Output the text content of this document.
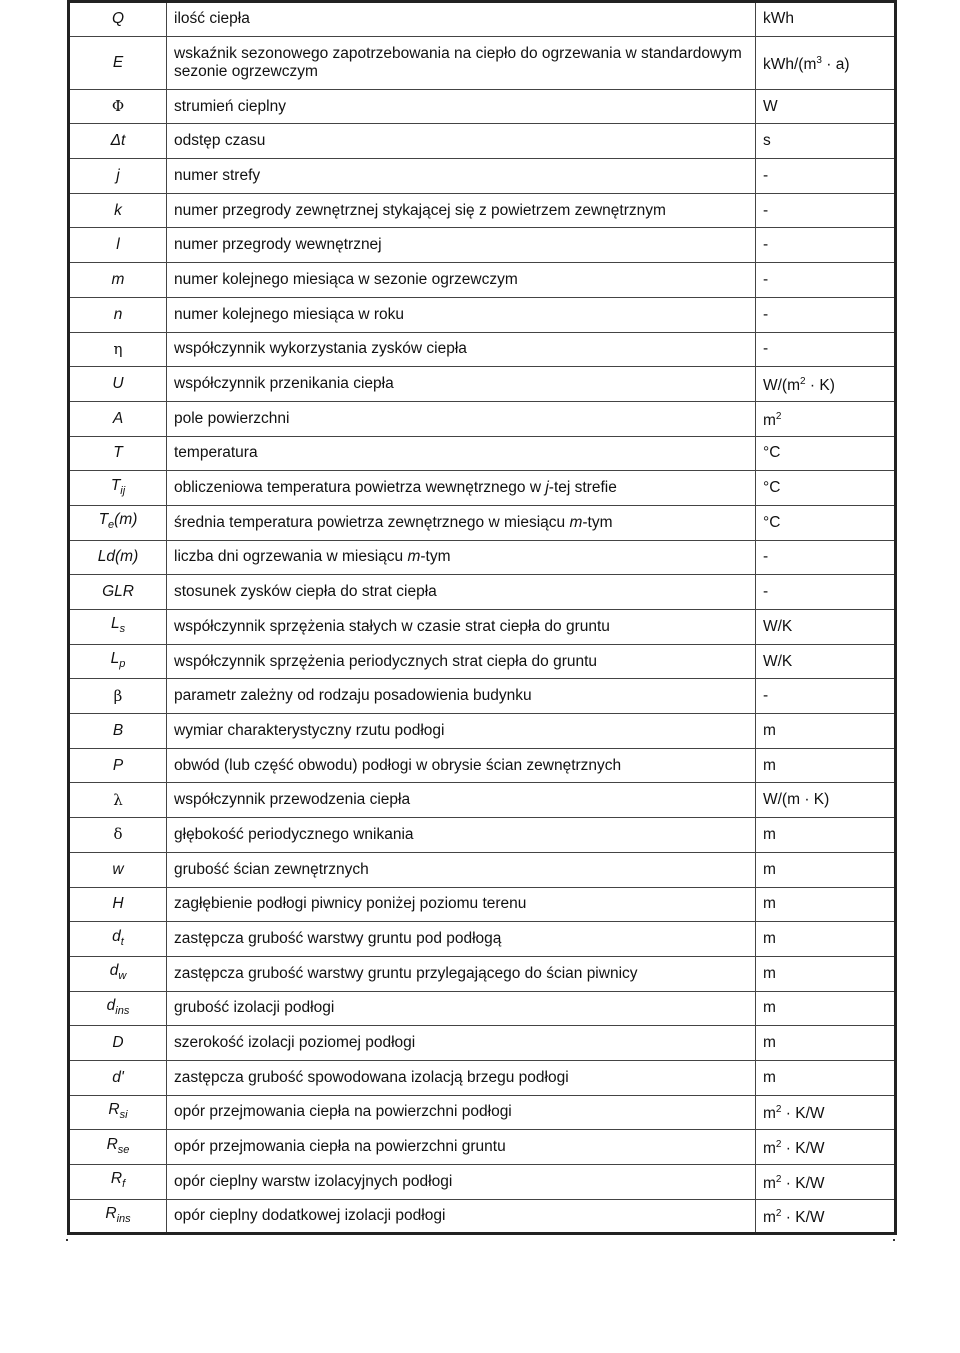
Q	ilość ciepła	kWh
E	wskaźnik sezonowego zapotrzebowania na ciepło do ogrzewania w standardowym sezonie ogrzewczym	kWh/$(m^3 \cdot a)$
Φ	strumień cieplny	W
Δt	odstęp czasu	s
j	numer strefy	-
k	numer przegrody zewnętrznej stykającej się z powietrzem zewnętrznym	-
l	numer przegrody wewnętrznej	-
m	numer kolejnego miesiąca w sezonie ogrzewczym	-
n	numer kolejnego miesiąca w roku	-
η	współczynnik wykorzystania zysków ciepła	-
U	współczynnik przenikania ciepła	$W/(m^2 \cdot K)$
A	pole powierzchni	$m^2$
T	temperatura	°C
$T_{ij}$	obliczeniowa temperatura powietrza wewnętrznego w j-tej strefie	°C
$T_e(m)$	średnia temperatura powietrza zewnętrznego w miesiącu m-tym	°C
Ld(m)	liczba dni ogrzewania w miesiącu m-tym	-
GLR	stosunek zysków ciepła do strat ciepła	-
$L_s$	współczynnik sprzężenia stałych w czasie strat ciepła do gruntu	W/K
$L_p$	współczynnik sprzężenia periodycznych strat ciepła do gruntu	W/K
β	parametr zależny od rodzaju posadowienia budynku	-
B	wymiar charakterystyczny rzutu podłogi	m
P	obwód (lub część obwodu) podłogi w obrysie ścian zewnętrznych	m
λ	współczynnik przewodzenia ciepła	W/(m · K)
δ	głębokość periodycznego wnikania	m
w	grubość ścian zewnętrznych	m
H	zagłębienie podłogi piwnicy poniżej poziomu terenu	m
$d_t$	zastępcza grubość warstwy gruntu pod podłogą	m
$d_w$	zastępcza grubość warstwy gruntu przylegającego do ścian piwnicy	m
$d_{ins}$	grubość izolacji podłogi	m
D	szerokość izolacji poziomej podłogi	m
d'	zastępcza grubość spowodowana izolacją brzegu podłogi	m
$R_{si}$	opór przejmowania ciepła na powierzchni podłogi	$m^2 \cdot K/W$
$R_{se}$	opór przejmowania ciepła na powierzchni gruntu	$m^2 \cdot K/W$
$R_f$	opór cieplny warstw izolacyjnych podłogi	$m^2 \cdot K/W$
$R_{ins}$	opór cieplny dodatkowej izolacji podłogi	$m^2 \cdot K/W$
